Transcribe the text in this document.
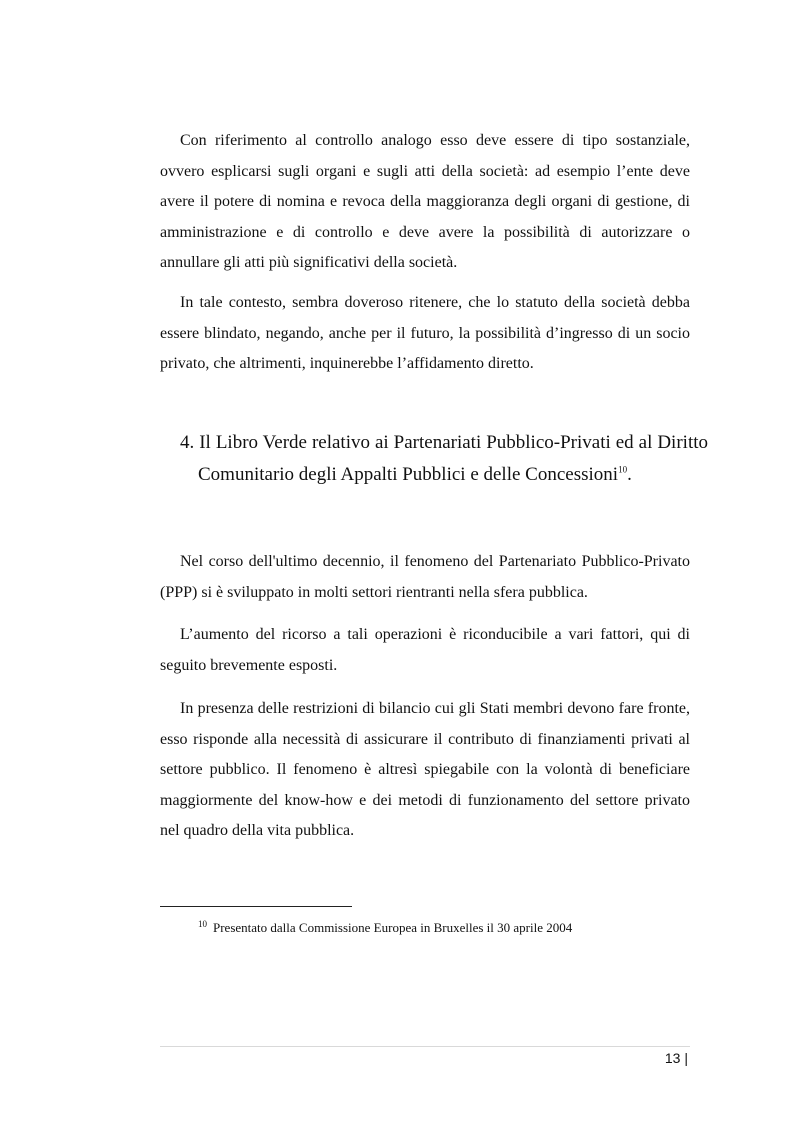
Con riferimento al controllo analogo esso deve essere di tipo sostanziale, ovvero esplicarsi sugli organi e sugli atti della società: ad esempio l’ente deve avere il potere di nomina e revoca della maggioranza degli organi di gestione, di amministrazione e di controllo e deve avere la possibilità di autorizzare o annullare gli atti più significativi della società.

In tale contesto, sembra doveroso ritenere, che lo statuto della società debba essere blindato, negando, anche per il futuro, la possibilità d’ingresso di un socio privato, che altrimenti, inquinerebbe l’affidamento diretto.

4. Il Libro Verde relativo ai Partenariati Pubblico-Privati ed al Diritto Comunitario degli Appalti Pubblici e delle Concessioni$^{10}$.

Nel corso dell'ultimo decennio, il fenomeno del Partenariato Pubblico-Privato (PPP) si è sviluppato in molti settori rientranti nella sfera pubblica.

L’aumento del ricorso a tali operazioni è riconducibile a vari fattori, qui di seguito brevemente esposti.

In presenza delle restrizioni di bilancio cui gli Stati membri devono fare fronte, esso risponde alla necessità di assicurare il contributo di finanziamenti privati al settore pubblico. Il fenomeno è altresì spiegabile con la volontà di beneficiare maggiormente del know-how e dei metodi di funzionamento del settore privato nel quadro della vita pubblica.

$^{10}$ Presentato dalla Commissione Europea in Bruxelles il 30 aprile 2004

13 |
